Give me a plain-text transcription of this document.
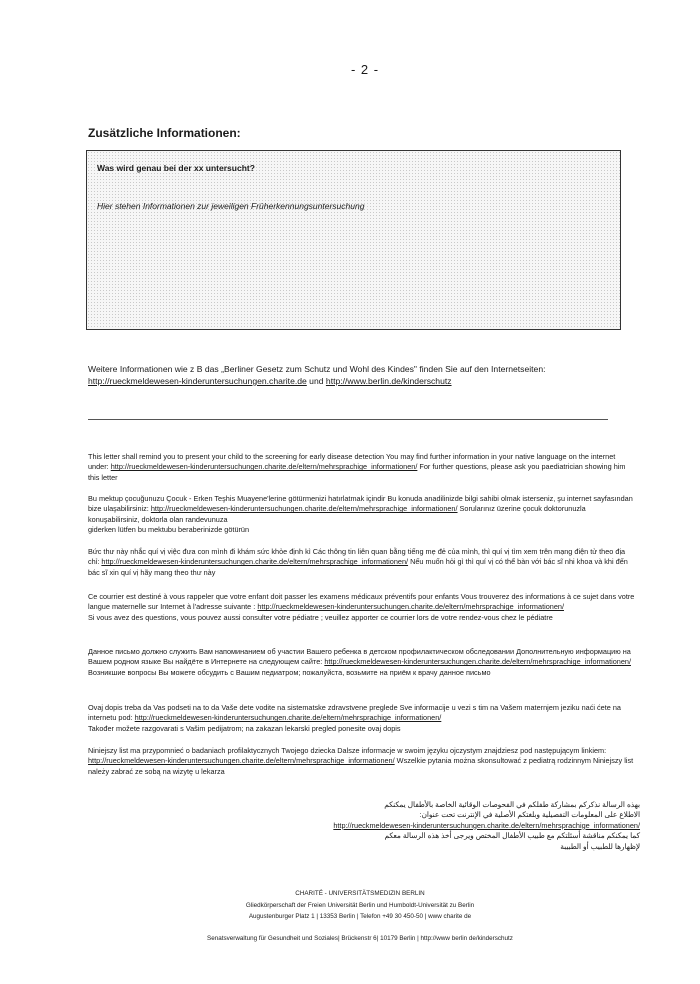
- 2 -
Zusätzliche Informationen:
Was wird genau bei der xx untersucht?
Hier stehen Informationen zur jeweiligen Früherkennungsuntersuchung
Weitere Informationen wie z B das „Berliner Gesetz zum Schutz und Wohl des Kindes" finden Sie auf den Internetseiten:
http://rueckmeldewesen-kinderuntersuchungen.charite.de und http://www.berlin.de/kinderschutz

This letter shall remind you to present your child to the screening for early disease detection You may find further information in your native language on the internet under: http://rueckmeldewesen-kinderuntersuchungen.charite.de/eltern/mehrsprachige_informationen/ For further questions, please ask you paediatrician showing him this letter

Bu mektup çocuğunuzu Çocuk - Erken Teşhis Muayene'lerine götürmenizi hatırlatmak içindir Bu konuda anadilinizde bilgi sahibi olmak isterseniz, şu internet sayfasından bize ulaşabilirsiniz: http://rueckmeldewesen-kinderuntersuchungen.charite.de/eltern/mehrsprachige_informationen/ Sorularınız üzerine çocuk doktorunuzla konuşabilirsiniz, doktorla olan randevunuza

giderken lütfen bu mektubu beraberinizde götürün

Bức thư này nhắc quí vị việc đưa con mình đi khám sức khỏe định kì Các thông tin liên quan bằng tiếng mẹ đẻ của mình, thì quí vị tìm xem trên mạng điện tử theo địa chỉ: http://rueckmeldewesen-kinderuntersuchungen.charite.de/eltern/mehrsprachige_informationen/ Nếu muốn hỏi gì thì quí vị có thể bàn với bác sĩ nhi khoa và khi đến bác sĩ xin quí vị hãy mang theo thư này

Ce courrier est destiné à vous rappeler que votre enfant doit passer les examens médicaux préventifs pour enfants Vous trouverez des informations à ce sujet dans votre langue maternelle sur Internet à l'adresse suivante : http://rueckmeldewesen-kinderuntersuchungen.charite.de/eltern/mehrsprachige_informationen/

Si vous avez des questions, vous pouvez aussi consulter votre pédiatre ; veuillez apporter ce courrier lors de votre rendez-vous chez le pédiatre

Данное письмо должно служить Вам напоминанием об участии Вашего ребенка в детском профилактическом обследовании Дополнительную информацию на Вашем родном языке Вы найдёте в Интернете на следующем сайте: http://rueckmeldewesen-kinderuntersuchungen.charite.de/eltern/mehrsprachige_informationen/ Возникшие вопросы Вы можете обсудить с Вашим педиатром; пожалуйста, возьмите на приём к врачу данное письмо

Ovaj dopis treba da Vas podseti na to da Vaše dete vodite na sistematske zdravstvene preglede Sve informacije u vezi s tim na Vašem maternjem jeziku naći ćete na internetu pod: http://rueckmeldewesen-kinderuntersuchungen.charite.de/eltern/mehrsprachige_informationen/

Također možete razgovarati s Vašim pedijatrom; na zakazan lekarski pregled ponesite ovaj dopis

Niniejszy list ma przypomnieć o badaniach profilaktycznych Twojego dziecka Dalsze informacje w swoim języku ojczystym znajdziesz pod następującym linkiem:

http://rueckmeldewesen-kinderuntersuchungen.charite.de/eltern/mehrsprachige_informationen/ Wszelkie pytania można skonsultować z pediatrą rodzinnym Niniejszy list należy zabrać ze sobą na wizytę u lekarza

بهذه الرسالة نذكركم بمشاركة طفلكم في الفحوصات الوقائية الخاصة بالأطفال يمكنكم

الاطلاع على المعلومات التفصيلية وبلغتكم الأصلية في الإنترنت تحت عنوان:

http://rueckmeldewesen-kinderuntersuchungen.charite.de/eltern/mehrsprachige_informationen/

كما يمكنكم مناقشة أسئلتكم مع طبيب الأطفال المختص ويرجى أخذ هذه الرسالة معكم

لإظهارها للطبيب أو الطبيبة

CHARITÉ - UNIVERSITÄTSMEDIZIN BERLIN
Gliedkörperschaft der Freien Universität Berlin und Humboldt-Universität zu Berlin
Augustenburger Platz 1 | 13353 Berlin | Telefon +49 30 450-50 | www charite de
Senatsverwaltung für Gesundheit und Soziales| Brückenstr 6| 10179 Berlin | http://www berlin de/kinderschutz
